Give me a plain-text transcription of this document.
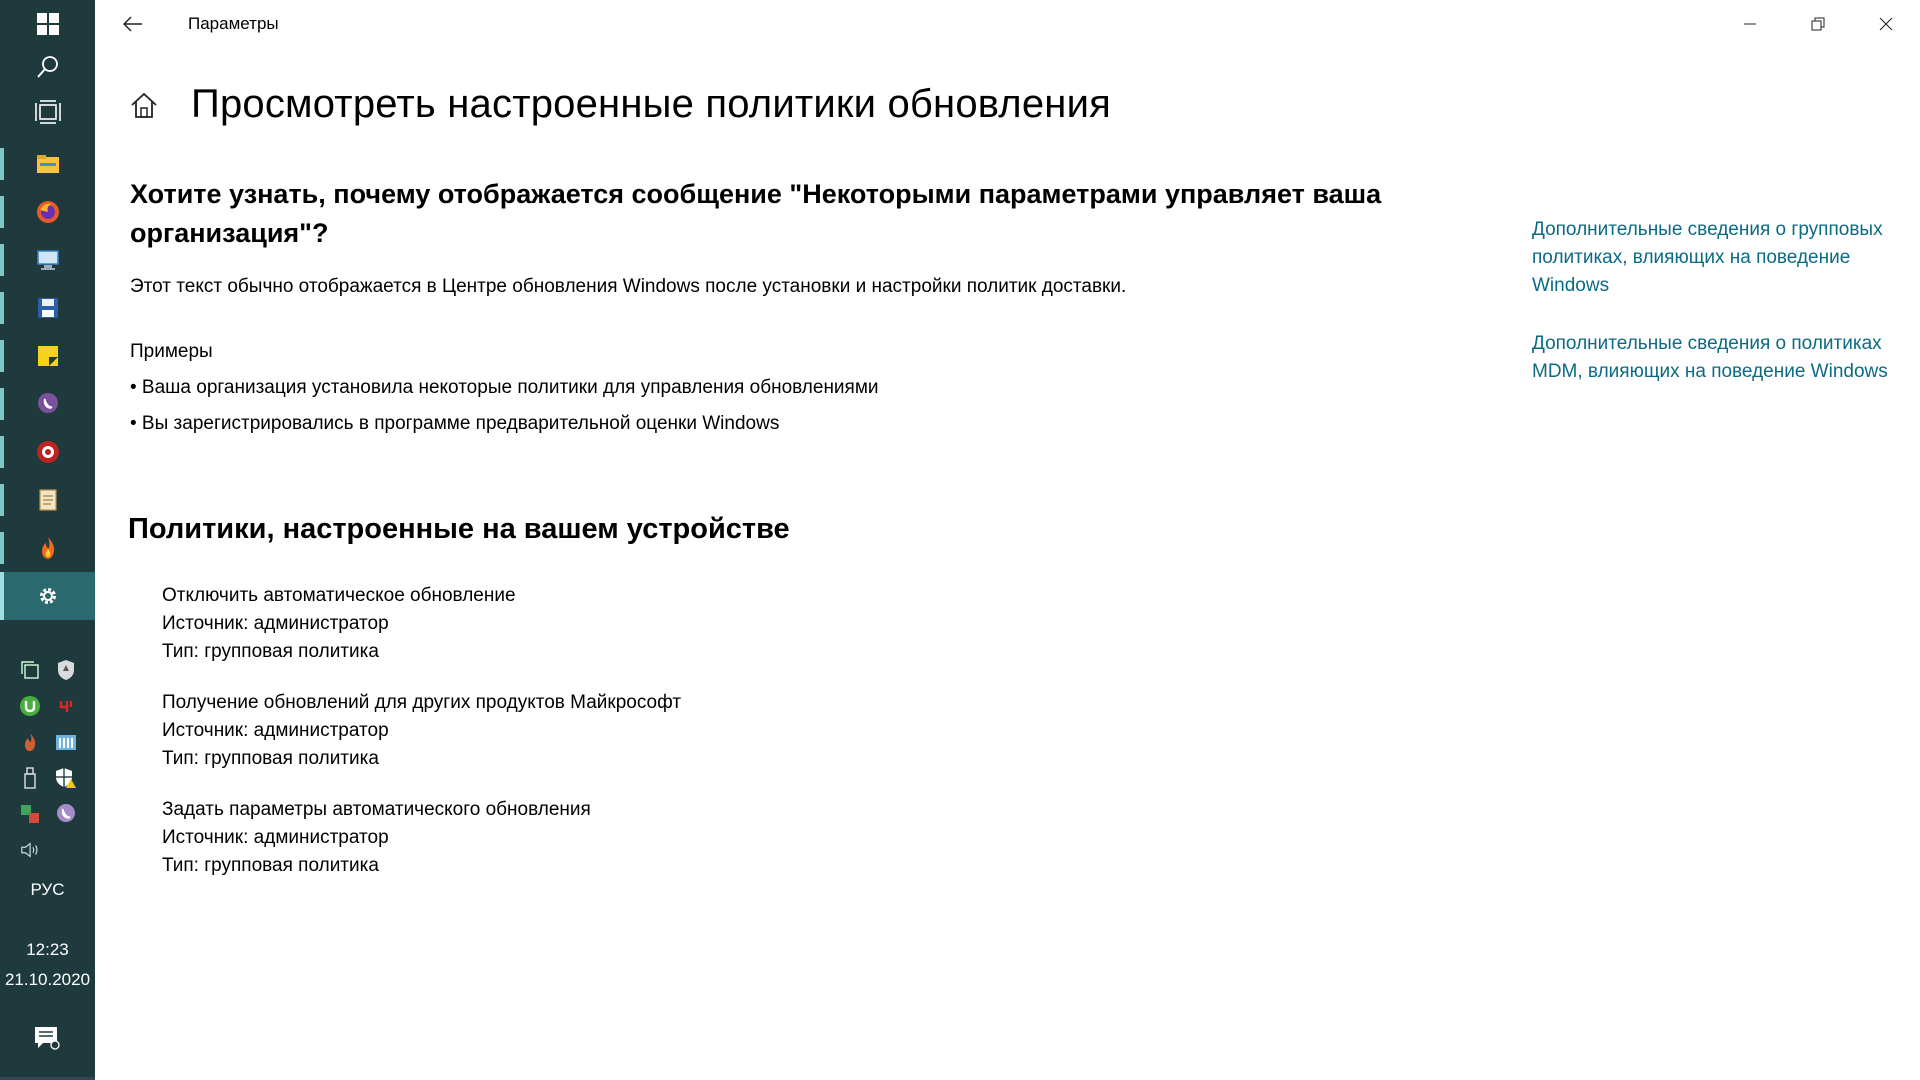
РУС
12:23
21.10.2020
Параметры
Просмотреть настроенные политики обновления
Хотите узнать, почему отображается сообщение "Некоторыми параметрами управляет ваша организация"?

Этот текст обычно отображается в Центре обновления Windows после установки и настройки политик доставки.

Примеры

• Ваша организация установила некоторые политики для управления обновлениями

• Вы зарегистрировались в программе предварительной оценки Windows

Политики, настроенные на вашем устройстве
Отключить автоматическое обновление
Источник: администратор
Тип: групповая политика
Получение обновлений для других продуктов Майкрософт
Источник: администратор
Тип: групповая политика
Задать параметры автоматического обновления
Источник: администратор
Тип: групповая политика
Дополнительные сведения о групповых политиках, влияющих на поведение Windows
Дополнительные сведения о политиках MDM, влияющих на поведение Windows
